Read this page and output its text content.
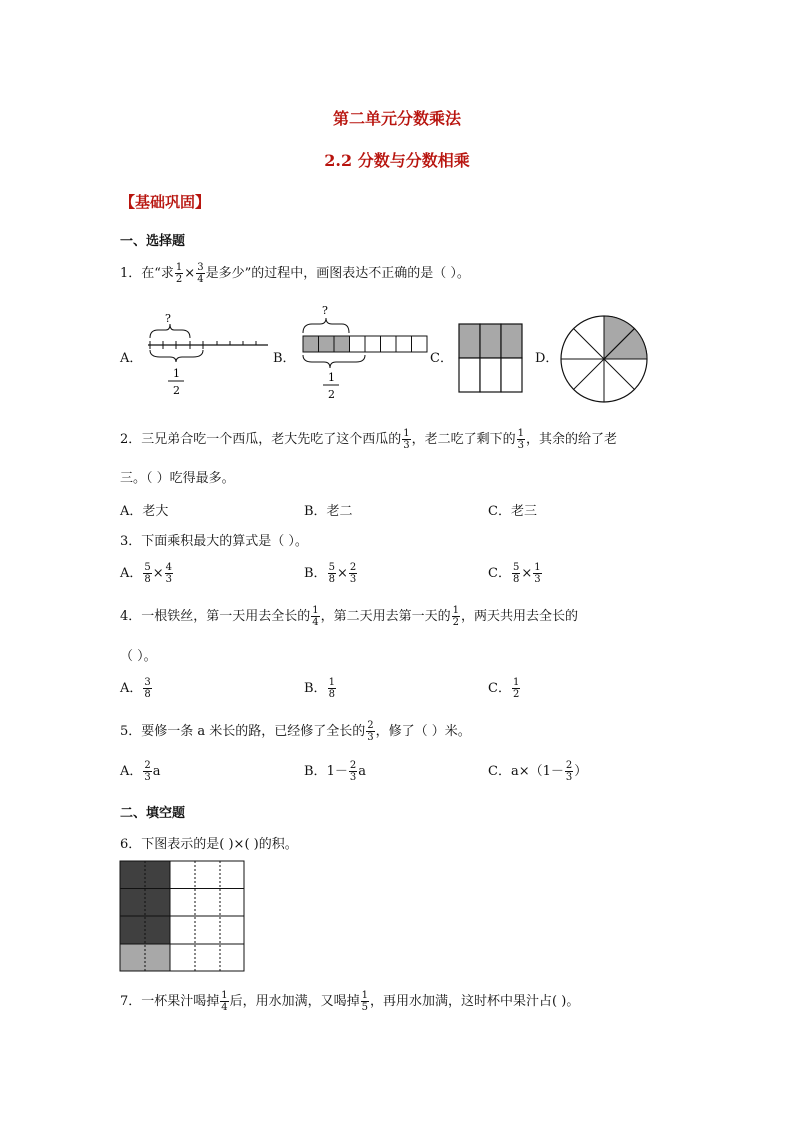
第二单元分数乘法
2.2 分数与分数相乘
【基础巩固】
一、选择题
1．在“求 $\frac{1}{2} \times \frac{3}{4}$ 是多少”的过程中，画图表达不正确的是（ ）。
A．
?
1
2
B．
?
1
2
C．	D．
2．三兄弟合吃一个西瓜，老大先吃了这个西瓜的 $\frac{1}{3}$ ，老二吃了剩下的 $\frac{1}{3}$ ，其余的给了老
三。（ ）吃得最多。
A．老大	B．老二	C．老三
3．下面乘积最大的算式是（ ）。
A． $\frac{5}{8} \times \frac{4}{3}$	B． $\frac{5}{8} \times \frac{2}{3}$	C． $\frac{5}{8} \times \frac{1}{3}$
4．一根铁丝，第一天用去全长的 $\frac{1}{4}$ ，第二天用去第一天的 $\frac{1}{2}$ ，两天共用去全长的
（ ）。
A． $\frac{3}{8}$	B． $\frac{1}{8}$	C． $\frac{1}{2}$
5．要修一条 a 米长的路，已经修了全长的 $\frac{2}{3}$ ，修了（ ）米。
A． $\frac{2}{3}$ a	B．$1- \frac{2}{3}$ a	C．$a\times(1- \frac{2}{3}$ ）
二、填空题
6．下图表示的是( )×( )的积。
7．一杯果汁喝掉 $\frac{1}{4}$ 后，用水加满，又喝掉 $\frac{1}{5}$ ，再用水加满，这时杯中果汁占( )。
